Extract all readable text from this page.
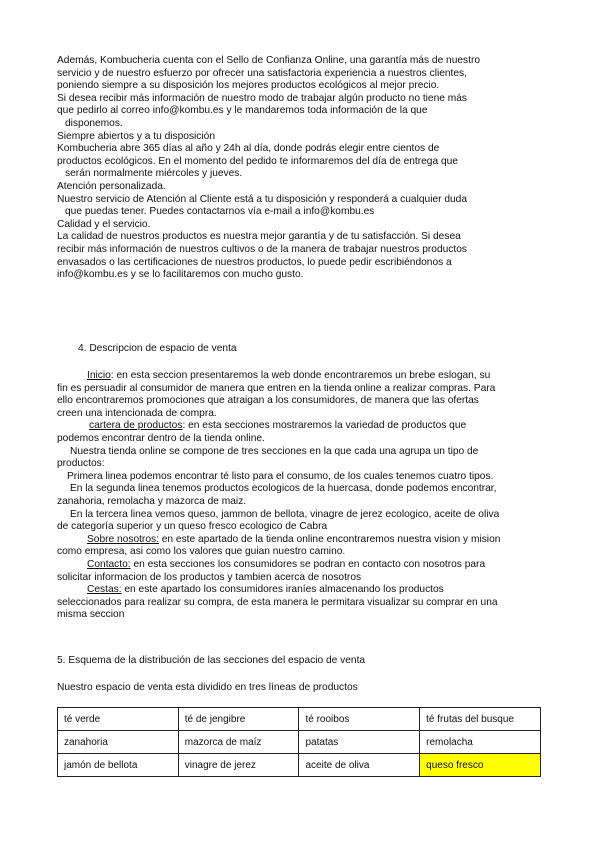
Además, Kombucheria cuenta con el Sello de Confianza Online, una garantía más de nuestro
servicio y de nuestro esfuerzo por ofrecer una satisfactoria experiencia a nuestros clientes,
poniendo siempre a su disposición los mejores productos ecológicos al mejor precio.
Si desea recibir más información de nuestro modo de trabajar algún producto no tiene más
que pedirlo al correo info@kombu.es y le mandaremos toda información de la que
disponemos.
Siempre abiertos y a tu disposición
Kombucheria abre 365 días al año y 24h al día, donde podrás elegir entre cientos de
productos ecológicos. En el momento del pedido te informaremos del día de entrega que
serán normalmente miércoles y jueves.
Atención personalizada.
Nuestro servicio de Atención al Cliente está a tu disposición y responderá a cualquier duda
que puedas tener. Puedes contactarnos vía e-mail a info@kombu.es
Calidad y el servicio.
La calidad de nuestros productos es nuestra mejor garantía y de tu satisfacción. Si desea
recibir más información de nuestros cultivos o de la manera de trabajar nuestros productos
envasados o las certificaciones de nuestros productos, lo puede pedir escribiéndonos a
info@kombu.es y se lo facilitaremos con mucho gusto.
4. Descripcion de espacio de venta
Inicio: en esta seccion presentaremos la web donde encontraremos un brebe eslogan, su
fin es persuadir al consumidor de manera que entren en la tienda online a realizar compras. Para
ello encontraremos promociones que atraigan a los consumidores, de manera que las ofertas
creen una intencionada de compra.
cartera de productos: en esta secciones mostraremos la variedad de productos que
podemos encontrar dentro de la tienda online.
Nuestra tienda online se compone de tres secciones en la que cada una agrupa un tipo de
productos:
Primera linea podemos encontrar té listo para el consumo, de los cuales tenemos cuatro tipos.
En la segunda linea tenemos productos ecologicos de la huercasa, donde podemos encontrar,
zanahoria, remolacha y mazorca de maiz.
En la tercera linea vemos queso, jammon de bellota, vinagre de jerez ecologico, aceite de oliva
de categoría superior y un queso fresco ecologico de Cabra
Sobre nosotros: en este apartado de la tienda online encontraremos nuestra vision y mision
como empresa, asi como los valores que guian nuestro camino.
Contacto: en esta secciones los consumidores se podran en contacto con nosotros para
solicitar informacion de los productos y tambien acerca de nosotros
Cestas: en este apartado los consumidores iraníes almacenando los productos
seleccionados para realizar su compra, de esta manera le permitara visualizar su comprar en una
misma seccion
5. Esquema de la distribución de las secciones del espacio de venta
Nuestro espacio de venta esta dividido en tres líneas de productos
té verde	té de jengibre	té rooibos	té frutas del busque
zanahoria	mazorca de maíz	patatas	remolacha
jamón de bellota	vinagre de jerez	aceite de oliva	queso fresco
